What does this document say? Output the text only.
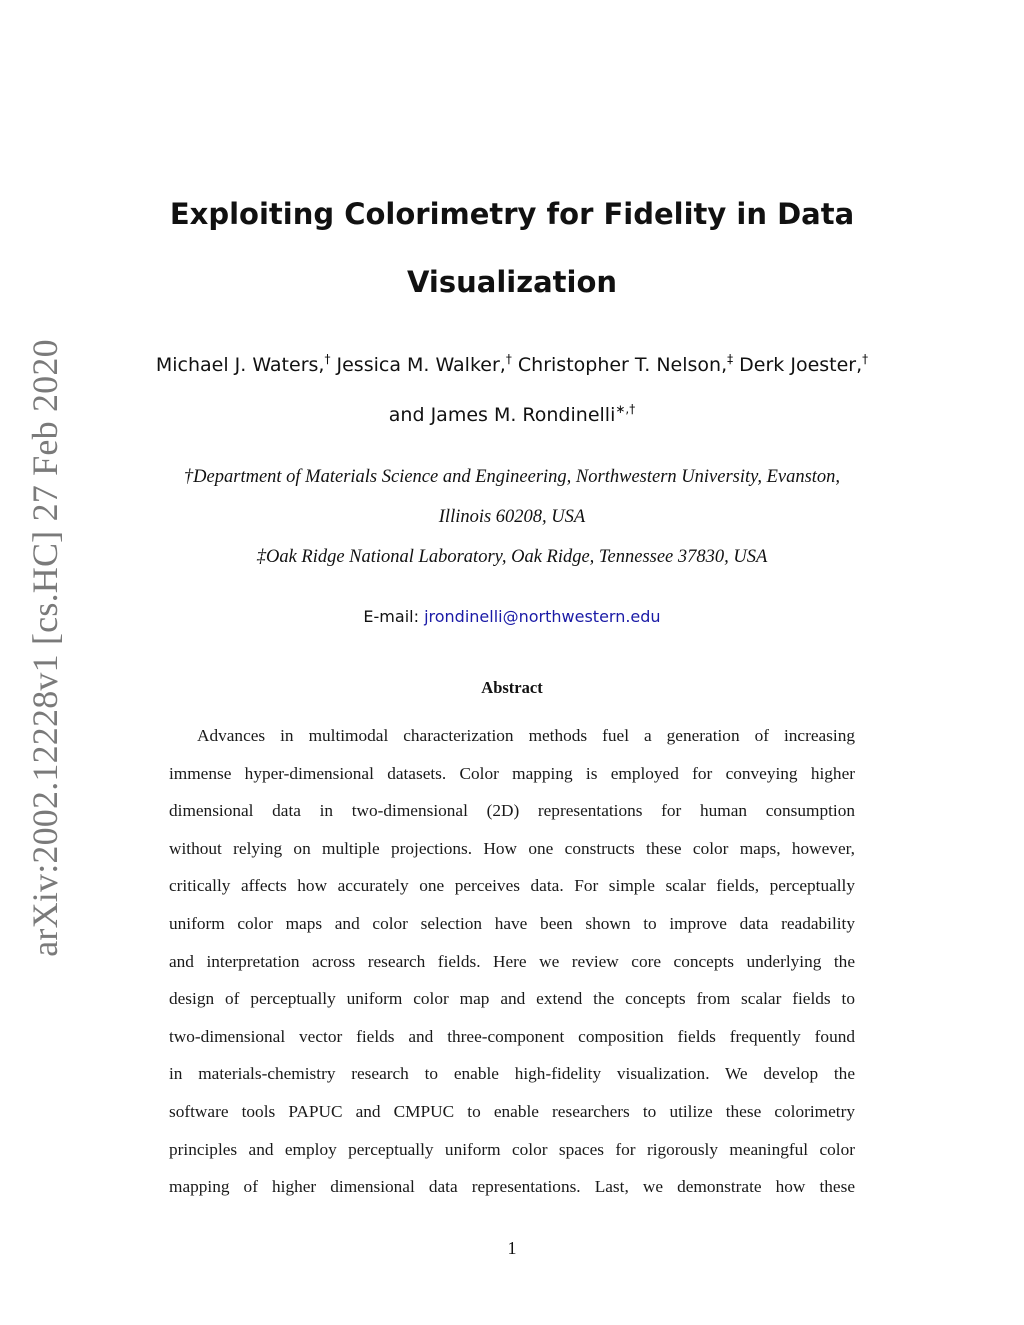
arXiv:2002.12228v1 [cs.HC] 27 Feb 2020
Exploiting Colorimetry for Fidelity in Data
Visualization
Michael J. Waters,† Jessica M. Walker,† Christopher T. Nelson,‡ Derk Joester,†
and James M. Rondinelli∗,†
†Department of Materials Science and Engineering, Northwestern University, Evanston,
Illinois 60208, USA
‡Oak Ridge National Laboratory, Oak Ridge, Tennessee 37830, USA
E-mail: jrondinelli@northwestern.edu
Abstract
Advances in multimodal characterization methods fuel a generation of increasing
immense hyper-dimensional datasets. Color mapping is employed for conveying higher
dimensional data in two-dimensional (2D) representations for human consumption
without relying on multiple projections. How one constructs these color maps, however,
critically affects how accurately one perceives data. For simple scalar fields, perceptually
uniform color maps and color selection have been shown to improve data readability
and interpretation across research fields. Here we review core concepts underlying the
design of perceptually uniform color map and extend the concepts from scalar fields to
two-dimensional vector fields and three-component composition fields frequently found
in materials-chemistry research to enable high-fidelity visualization. We develop the
software tools PAPUC and CMPUC to enable researchers to utilize these colorimetry
principles and employ perceptually uniform color spaces for rigorously meaningful color
mapping of higher dimensional data representations. Last, we demonstrate how these
1
